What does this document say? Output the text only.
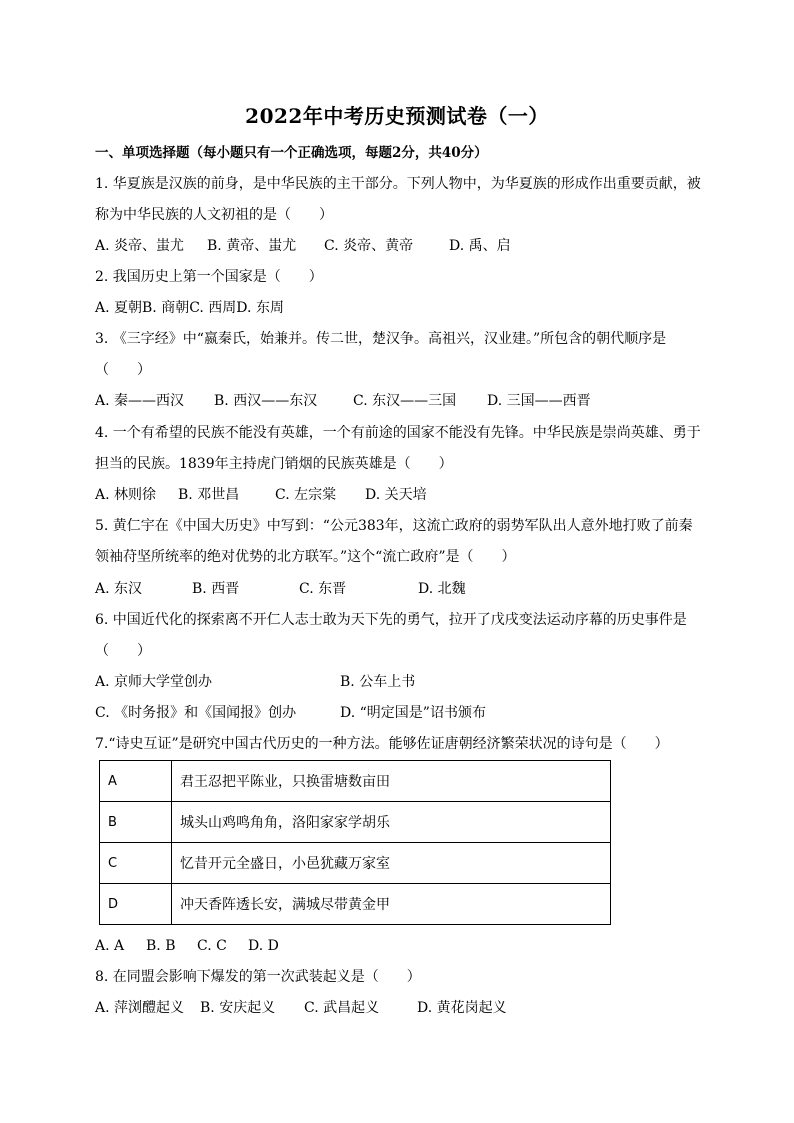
2022年中考历史预测试卷（一）
一、单项选择题（每小题只有一个正确选项，每题2分，共40分）
1. 华夏族是汉族的前身，是中华民族的主干部分。下列人物中，为华夏族的形成作出重要贡献，被
称为中华民族的人文初祖的是（　　）
A. 炎帝、蚩尤 B. 黄帝、蚩尤 C. 炎帝、黄帝	D. 禹、启
2. 我国历史上第一个国家是（　　）
A. 夏朝B. 商朝C. 西周D. 东周
3. 《三字经》中“嬴秦氏，始兼并。传二世，楚汉争。高祖兴，汉业建。”所包含的朝代顺序是
（　　）
A. 秦——西汉 B. 西汉——东汉	C. 东汉——三国 D. 三国——西晋
4. 一个有希望的民族不能没有英雄，一个有前途的国家不能没有先锋。中华民族是崇尚英雄、勇于
担当的民族。1839年主持虎门销烟的民族英雄是（　　）
A. 林则徐 B. 邓世昌	C. 左宗棠 D. 关天培
5. 黄仁宇在《中国大历史》中写到：“公元383年，这流亡政府的弱势军队出人意外地打败了前秦
领袖苻坚所统率的绝对优势的北方联军。”这个“流亡政府”是（　　）
A. 东汉	B. 西晋	C. 东晋	D. 北魏
6. 中国近代化的探索离不开仁人志士敢为天下先的勇气，拉开了戊戌变法运动序幕的历史事件是
（　　）
A. 京师大学堂创办	B. 公车上书
C. 《时务报》和《国闻报》创办	D. “明定国是”诏书颁布
7.“诗史互证”是研究中国古代历史的一种方法。能够佐证唐朝经济繁荣状况的诗句是（　　）
A	君王忍把平陈业，只换雷塘数亩田
B	城头山鸡鸣角角，洛阳家家学胡乐
C	忆昔开元全盛日，小邑犹藏万家室
D	冲天香阵透长安，满城尽带黄金甲
A. A B. B C. C D. D
8. 在同盟会影响下爆发的第一次武装起义是（　　）
A. 萍浏醴起义 B. 安庆起义 C. 武昌起义	D. 黄花岗起义
